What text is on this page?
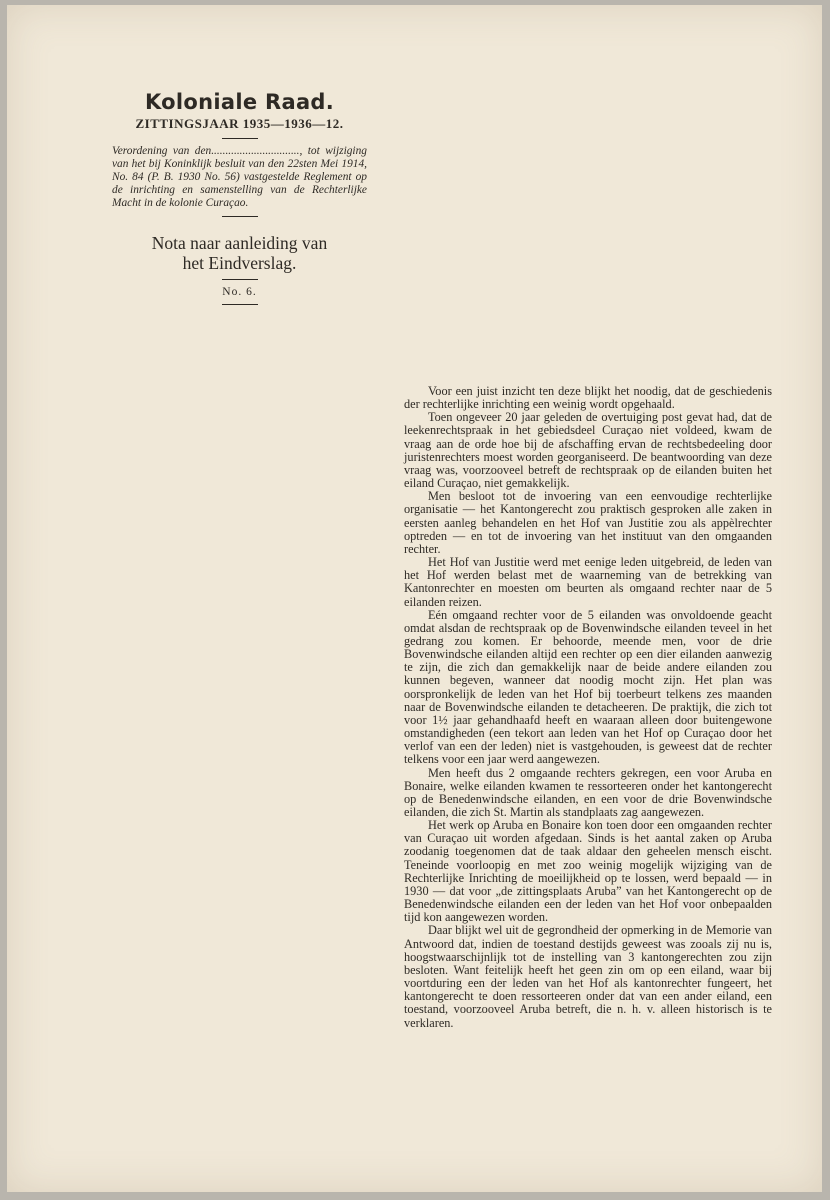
Koloniale Raad.
ZITTINGSJAAR 1935—1936—12.
Verordening van den..............................., tot wijziging van het bij Koninklijk besluit van den 22sten Mei 1914, No. 84 (P. B. 1930 No. 56) vastgestelde Reglement op de inrichting en samenstelling van de Rechterlijke Macht in de kolonie Curaçao.
Nota naar aanleiding van
het Eindverslag.
No. 6.

Voor een juist inzicht ten deze blijkt het noodig, dat de geschiedenis der rechterlijke inrichting een weinig wordt opgehaald.

Toen ongeveer 20 jaar geleden de overtuiging post gevat had, dat de leekenrechtspraak in het gebiedsdeel Curaçao niet voldeed, kwam de vraag aan de orde hoe bij de afschaffing ervan de rechtsbedeeling door juristenrechters moest worden georganiseerd. De beantwoording van deze vraag was, voorzooveel betreft de rechtspraak op de eilanden buiten het eiland Curaçao, niet gemakkelijk.

Men besloot tot de invoering van een eenvoudige rechterlijke organisatie — het Kantongerecht zou praktisch gesproken alle zaken in eersten aanleg behandelen en het Hof van Justitie zou als appèlrechter optreden — en tot de invoering van het instituut van den omgaanden rechter.

Het Hof van Justitie werd met eenige leden uitgebreid, de leden van het Hof werden belast met de waarneming van de betrekking van Kantonrechter en moesten om beurten als omgaand rechter naar de 5 eilanden reizen.

Eén omgaand rechter voor de 5 eilanden was onvoldoende geacht omdat alsdan de rechtspraak op de Bovenwindsche eilanden teveel in het gedrang zou komen. Er behoorde, meende men, voor de drie Bovenwindsche eilanden altijd een rechter op een dier eilanden aanwezig te zijn, die zich dan gemakkelijk naar de beide andere eilanden zou kunnen begeven, wanneer dat noodig mocht zijn. Het plan was oorspronkelijk de leden van het Hof bij toerbeurt telkens zes maanden naar de Bovenwindsche eilanden te detacheeren. De praktijk, die zich tot voor 1½ jaar gehandhaafd heeft en waaraan alleen door buitengewone omstandigheden (een tekort aan leden van het Hof op Curaçao door het verlof van een der leden) niet is vastgehouden, is geweest dat de rechter telkens voor een jaar werd aangewezen.

Men heeft dus 2 omgaande rechters gekregen, een voor Aruba en Bonaire, welke eilanden kwamen te ressorteeren onder het kantongerecht op de Benedenwindsche eilanden, en een voor de drie Bovenwindsche eilanden, die zich St. Martin als standplaats zag aangewezen.

Het werk op Aruba en Bonaire kon toen door een omgaanden rechter van Curaçao uit worden afgedaan. Sinds is het aantal zaken op Aruba zoodanig toegenomen dat de taak aldaar den geheelen mensch eischt. Teneinde voorloopig en met zoo weinig mogelijk wijziging van de Rechterlijke Inrichting de moeilijkheid op te lossen, werd bepaald — in 1930 — dat voor „de zittingsplaats Aruba” van het Kantongerecht op de Benedenwindsche eilanden een der leden van het Hof voor onbepaalden tijd kon aangewezen worden.

Daar blijkt wel uit de gegrondheid der opmerking in de Memorie van Antwoord dat, indien de toestand destijds geweest was zooals zij nu is, hoogstwaarschijnlijk tot de instelling van 3 kantongerechten zou zijn besloten. Want feitelijk heeft het geen zin om op een eiland, waar bij voortduring een der leden van het Hof als kantonrechter fungeert, het kantongerecht te doen ressorteeren onder dat van een ander eiland, een toestand, voorzooveel Aruba betreft, die n. h. v. alleen historisch is te verklaren.
